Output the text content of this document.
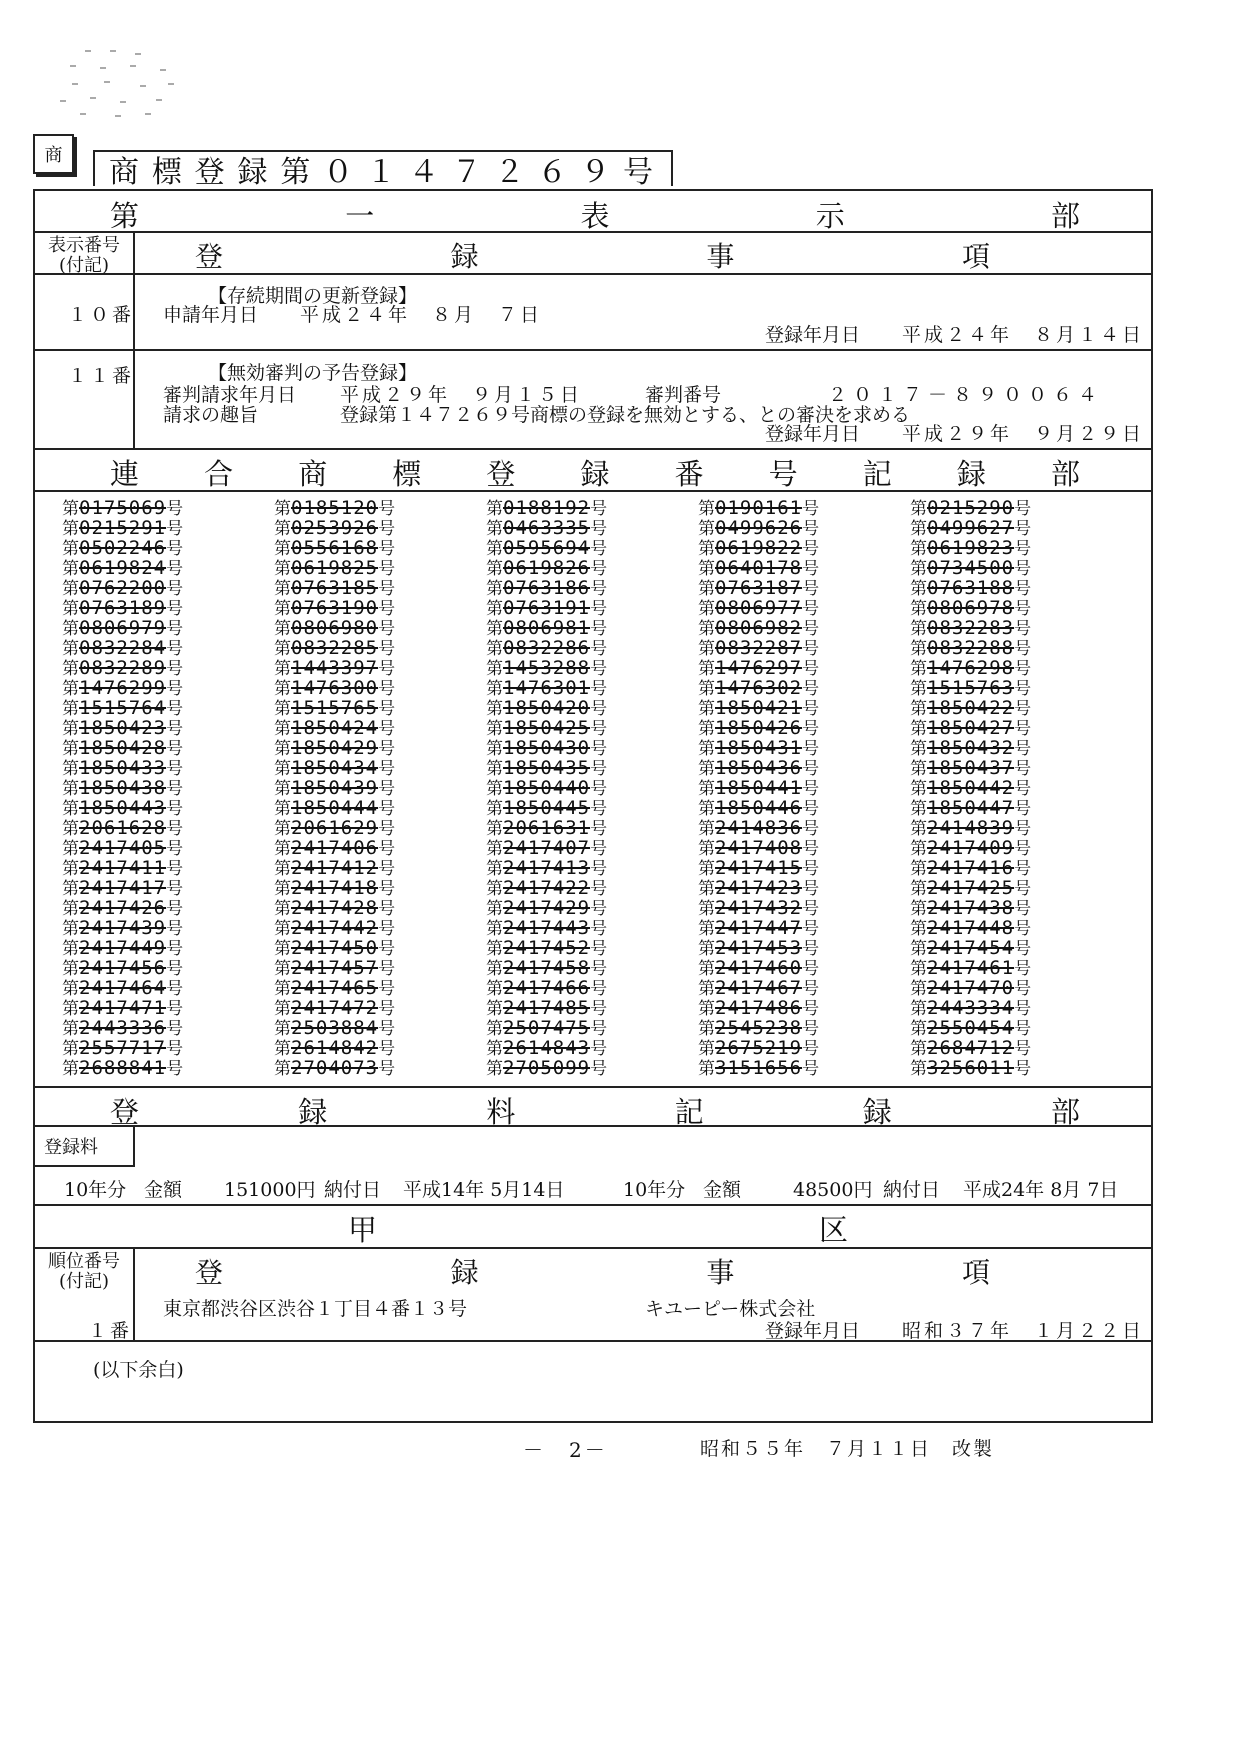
商	商 標 登 録 第 ０ １ ４ ７ ２ ６ ９ 号
第	一	表	示	部
表示番号
(付記)	登	録	事	項
１０番
【存続期間の更新登録】
申請年月日 平成２４年　８月　７日
登録年月日 平成２４年　８月１４日
１１番	【無効審判の予告登録】
審判請求年月日 平成２９年　９月１５日	審判番号	２０１７－８９００６４
請求の趣旨	登録第１４７２６９号商標の登録を無効とする、との審決を求める
登録年月日 平成２９年　９月２９日
連 合 商 標 登 録 番 号 記 録 部
第0175069号	第0185120号	第0188192号	第0190161号	第0215290号
第0215291号	第0253926号	第0463335号	第0499626号	第0499627号
第0502246号	第0556168号	第0595694号	第0619822号	第0619823号
第0619824号	第0619825号	第0619826号	第0640178号	第0734500号
第0762200号	第0763185号	第0763186号	第0763187号	第0763188号
第0763189号	第0763190号	第0763191号	第0806977号	第0806978号
第0806979号	第0806980号	第0806981号	第0806982号	第0832283号
第0832284号	第0832285号	第0832286号	第0832287号	第0832288号
第0832289号	第1443397号	第1453288号	第1476297号	第1476298号
第1476299号	第1476300号	第1476301号	第1476302号	第1515763号
第1515764号	第1515765号	第1850420号	第1850421号	第1850422号
第1850423号	第1850424号	第1850425号	第1850426号	第1850427号
第1850428号	第1850429号	第1850430号	第1850431号	第1850432号
第1850433号	第1850434号	第1850435号	第1850436号	第1850437号
第1850438号	第1850439号	第1850440号	第1850441号	第1850442号
第1850443号	第1850444号	第1850445号	第1850446号	第1850447号
第2061628号	第2061629号	第2061631号	第2414836号	第2414839号
第2417405号	第2417406号	第2417407号	第2417408号	第2417409号
第2417411号	第2417412号	第2417413号	第2417415号	第2417416号
第2417417号	第2417418号	第2417422号	第2417423号	第2417425号
第2417426号	第2417428号	第2417429号	第2417432号	第2417438号
第2417439号	第2417442号	第2417443号	第2417447号	第2417448号
第2417449号	第2417450号	第2417452号	第2417453号	第2417454号
第2417456号	第2417457号	第2417458号	第2417460号	第2417461号
第2417464号	第2417465号	第2417466号	第2417467号	第2417470号
第2417471号	第2417472号	第2417485号	第2417486号	第2443334号
第2443336号	第2503884号	第2507475号	第2545238号	第2550454号
第2557717号	第2614842号	第2614843号	第2675219号	第2684712号
第2688841号	第2704073号	第2705099号	第3151656号	第3256011号
登	録	料	記	録	部
登録料
10年分 金額 151000円 納付日 平成14年 5月14日	10年分 金額	48500円 納付日 平成24年 8月 7日
甲	区
順位番号
(付記)	登	録	事	項
１番
東京都渋谷区渋谷１丁目４番１３号	キユーピー株式会社
登録年月日 昭和３７年　１月２２日
(以下余白)
－　2－	昭和５５年　７月１１日　改製
